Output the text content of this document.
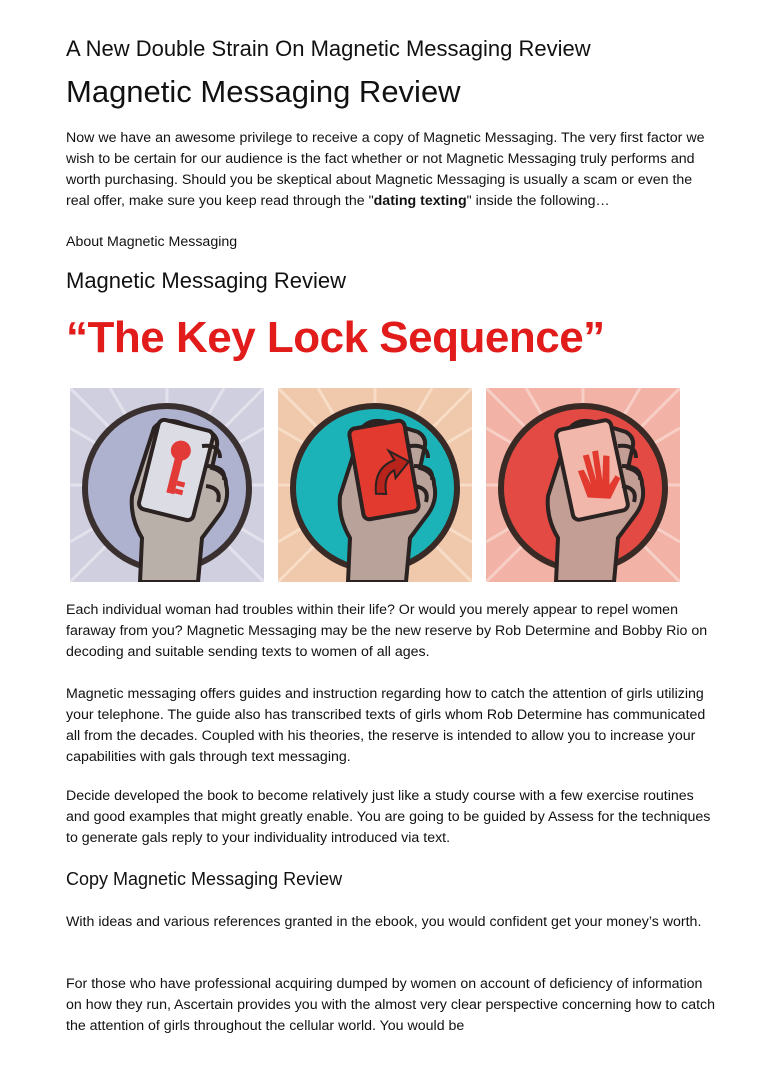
A New Double Strain On Magnetic Messaging Review
Magnetic Messaging Review

Now we have an awesome privilege to receive a copy of Magnetic Messaging. The very first factor we wish to be certain for our audience is the fact whether or not Magnetic Messaging truly performs and worth purchasing. Should you be skeptical about Magnetic Messaging is usually a scam or even the real offer, make sure you keep read through the "dating texting" inside the following…

About Magnetic Messaging

Magnetic Messaging Review
“The Key Lock Sequence”

Each individual woman had troubles within their life? Or would you merely appear to repel women faraway from you? Magnetic Messaging may be the new reserve by Rob Determine and Bobby Rio on decoding and suitable sending texts to women of all ages.

Magnetic messaging offers guides and instruction regarding how to catch the attention of girls utilizing your telephone. The guide also has transcribed texts of girls whom Rob Determine has communicated all from the decades. Coupled with his theories, the reserve is intended to allow you to increase your capabilities with gals through text messaging.

Decide developed the book to become relatively just like a study course with a few exercise routines and good examples that might greatly enable. You are going to be guided by Assess for the techniques to generate gals reply to your individuality introduced via text.

Copy Magnetic Messaging Review

With ideas and various references granted in the ebook, you would confident get your money’s worth.

For those who have professional acquiring dumped by women on account of deficiency of information on how they run, Ascertain provides you with the almost very clear perspective concerning how to catch the attention of girls throughout the cellular world. You would be
